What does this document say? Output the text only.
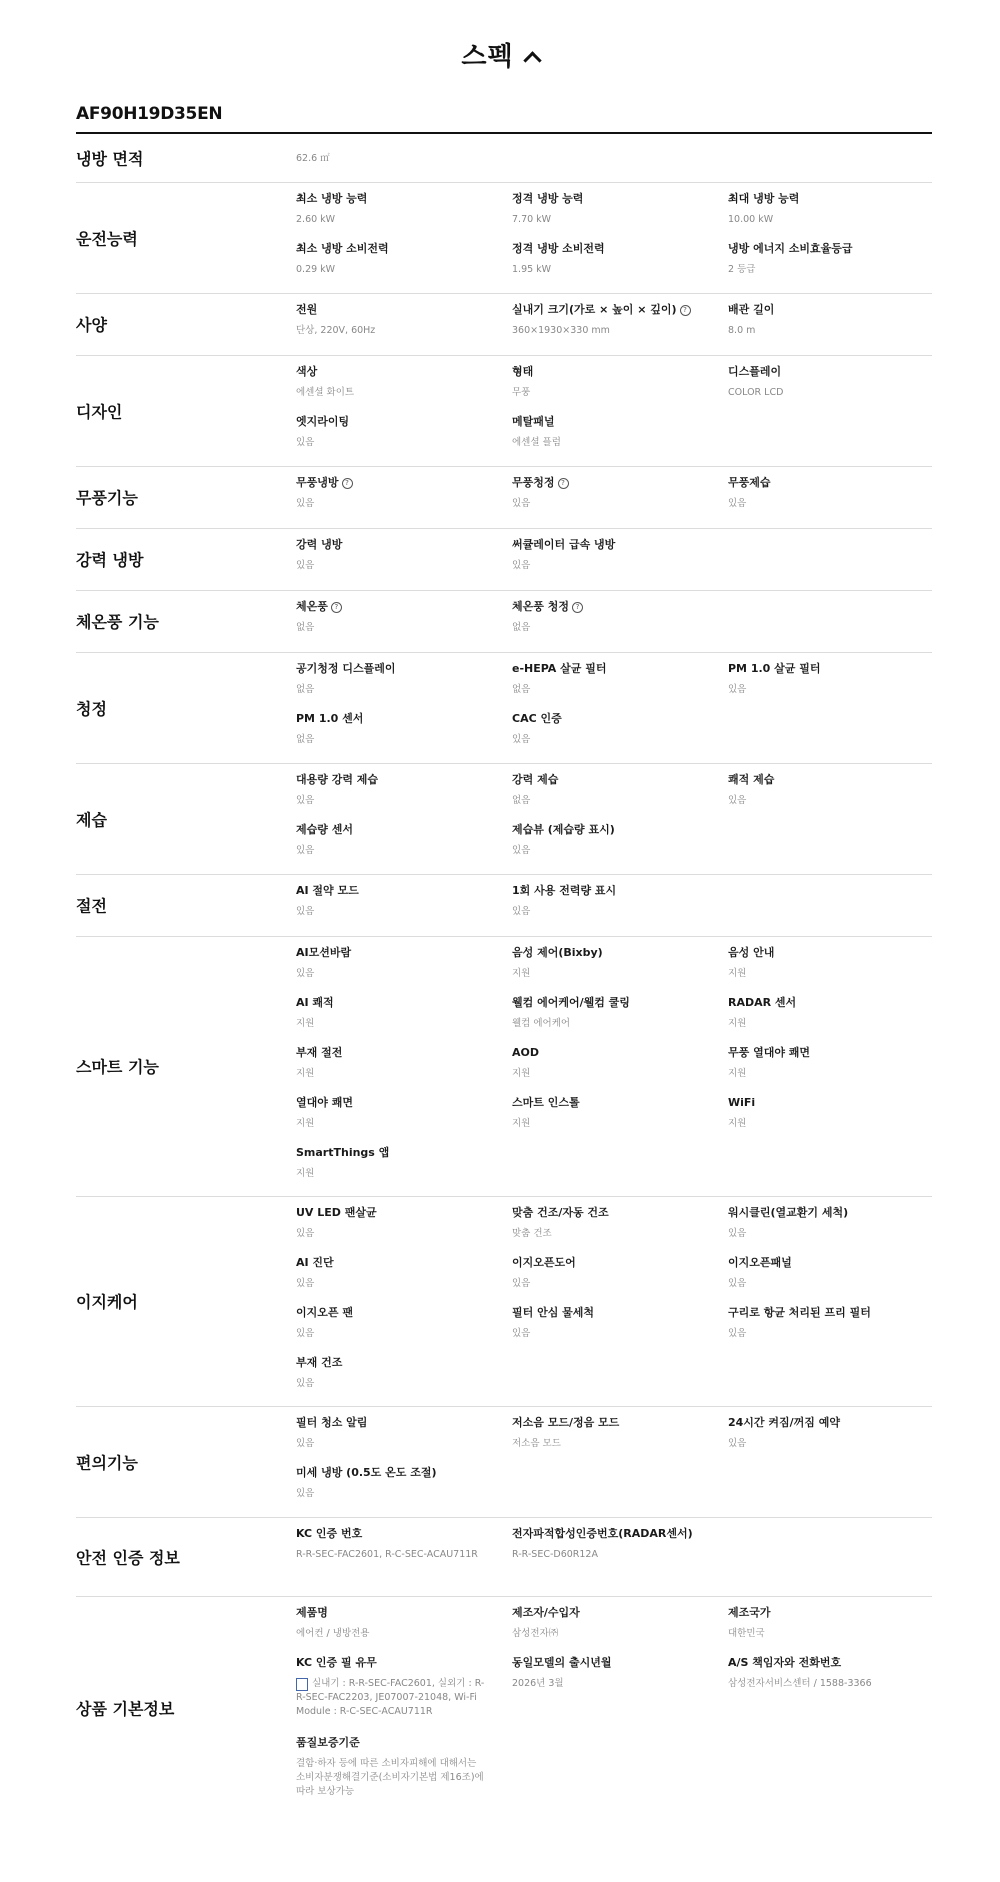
스펙
AF90H19D35EN
냉방 면적	62.6 ㎡
운전능력
최소 냉방 능력
2.60 kW
정격 냉방 능력
7.70 kW
최대 냉방 능력
10.00 kW
최소 냉방 소비전력
0.29 kW
정격 냉방 소비전력
1.95 kW
냉방 에너지 소비효율등급
2 등급
사양
전원
단상, 220V, 60Hz
실내기 크기(가로 × 높이 × 깊이) ?
360×1930×330 mm
배관 길이
8.0 m
디자인
색상
에센셜 화이트
형태
무풍
디스플레이
COLOR LCD
엣지라이팅
있음
메탈패널
에센셜 플럼
무풍기능
무풍냉방 ?
있음
무풍청정 ?
있음
무풍제습
있음
강력 냉방
강력 냉방
있음
써큘레이터 급속 냉방
있음
체온풍 기능
체온풍 ?
없음
체온풍 청정 ?
없음
청정
공기청정 디스플레이
없음
e-HEPA 살균 필터
없음
PM 1.0 살균 필터
있음
PM 1.0 센서
없음
CAC 인증
있음
제습
대용량 강력 제습
있음
강력 제습
없음
쾌적 제습
있음
제습량 센서
있음
제습뷰 (제습량 표시)
있음
절전
AI 절약 모드
있음
1회 사용 전력량 표시
있음
스마트 기능
AI모션바람
있음
음성 제어(Bixby)
지원
음성 안내
지원
AI 쾌적
지원
웰컴 에어케어/웰컴 쿨링
웰컴 에어케어
RADAR 센서
지원
부재 절전
지원
AOD
지원
무풍 열대야 쾌면
지원
열대야 쾌면
지원
스마트 인스톨
지원
WiFi
지원
SmartThings 앱
지원
이지케어
UV LED 팬살균
있음
맞춤 건조/자동 건조
맞춤 건조
워시클린(열교환기 세척)
있음
AI 진단
있음
이지오픈도어
있음
이지오픈패널
있음
이지오픈 팬
있음
필터 안심 물세척
있음
구리로 항균 처리된 프리 필터
있음
부재 건조
있음
편의기능
필터 청소 알림
있음
저소음 모드/정음 모드
저소음 모드
24시간 켜짐/꺼짐 예약
있음
미세 냉방 (0.5도 온도 조절)
있음
안전 인증 정보
KC 인증 번호
R-R-SEC-FAC2601, R-C-SEC-ACAU711R
전자파적합성인증번호(RADAR센서)
R-R-SEC-D60R12A
상품 기본정보
제품명
에어컨 / 냉방전용
제조자/수입자
삼성전자㈜
제조국가
대한민국
KC 인증 필 유무
실내기 : R-R-SEC-FAC2601, 실외기 : R-R-SEC-FAC2203, JE07007-21048, Wi-Fi Module : R-C-SEC-ACAU711R
동일모델의 출시년월
2026년 3월
A/S 책임자와 전화번호
삼성전자서비스센터 / 1588-3366
품질보증기준
결함·하자 등에 따른 소비자피해에 대해서는 소비자분쟁해결기준(소비자기본법 제16조)에 따라 보상가능
